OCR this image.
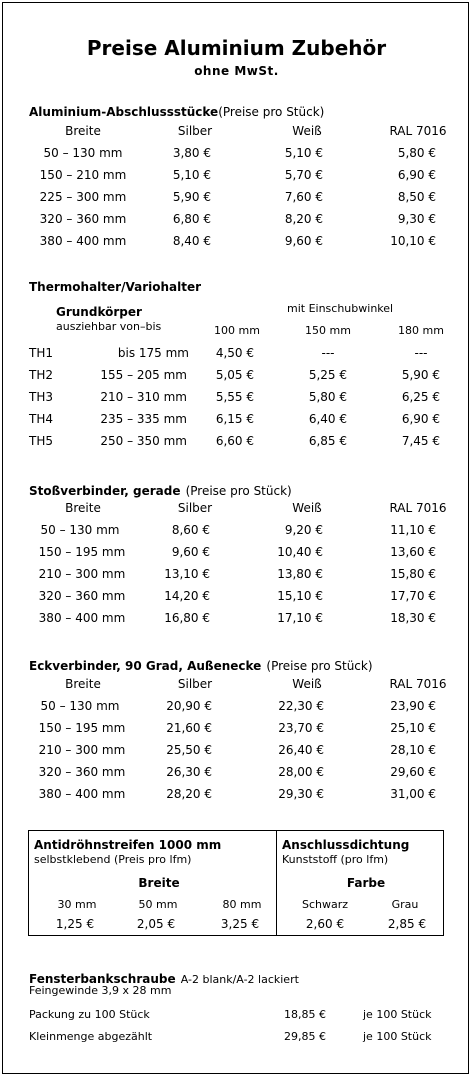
Preise Aluminium Zubehör
ohne MwSt.
Aluminium-Abschlussstücke(Preise pro Stück)
Breite	Silber	Weiß	RAL 7016
50 – 130 mm	3,80 €	5,10 €	5,80 €
150 – 210 mm	5,10 €	5,70 €	6,90 €
225 – 300 mm	5,90 €	7,60 €	8,50 €
320 – 360 mm	6,80 €	8,20 €	9,30 €
380 – 400 mm	8,40 €	9,60 €	10,10 €
Thermohalter/Variohalter
Grundkörper
ausziehbar von–bis
mit Einschubwinkel
100 mm	150 mm	180 mm
TH1	bis 175 mm	4,50 €	---	---
TH2	155 – 205 mm	5,05 €	5,25 €	5,90 €
TH3	210 – 310 mm	5,55 €	5,80 €	6,25 €
TH4	235 – 335 mm	6,15 €	6,40 €	6,90 €
TH5	250 – 350 mm	6,60 €	6,85 €	7,45 €
Stoßverbinder, gerade (Preise pro Stück)
Breite	Silber	Weiß	RAL 7016
50 – 130 mm	8,60 €	9,20 €	11,10 €
150 – 195 mm	9,60 €	10,40 €	13,60 €
210 – 300 mm	13,10 €	13,80 €	15,80 €
320 – 360 mm	14,20 €	15,10 €	17,70 €
380 – 400 mm	16,80 €	17,10 €	18,30 €
Eckverbinder, 90 Grad, Außenecke (Preise pro Stück)
Breite	Silber	Weiß	RAL 7016
50 – 130 mm	20,90 €	22,30 €	23,90 €
150 – 195 mm	21,60 €	23,70 €	25,10 €
210 – 300 mm	25,50 €	26,40 €	28,10 €
320 – 360 mm	26,30 €	28,00 €	29,60 €
380 – 400 mm	28,20 €	29,30 €	31,00 €
Antidröhnstreifen 1000 mm
selbstklebend (Preis pro lfm)
Breite
30 mm	50 mm	80 mm
1,25 €	2,05 €	3,25 €
Anschlussdichtung
Kunststoff (pro lfm)
Farbe
Schwarz	Grau
2,60 €	2,85 €
Fensterbankschraube A-2 blank/A-2 lackiert
Feingewinde 3,9 x 28 mm
Packung zu 100 Stück	18,85 €	je 100 Stück
Kleinmenge abgezählt	29,85 €	je 100 Stück
